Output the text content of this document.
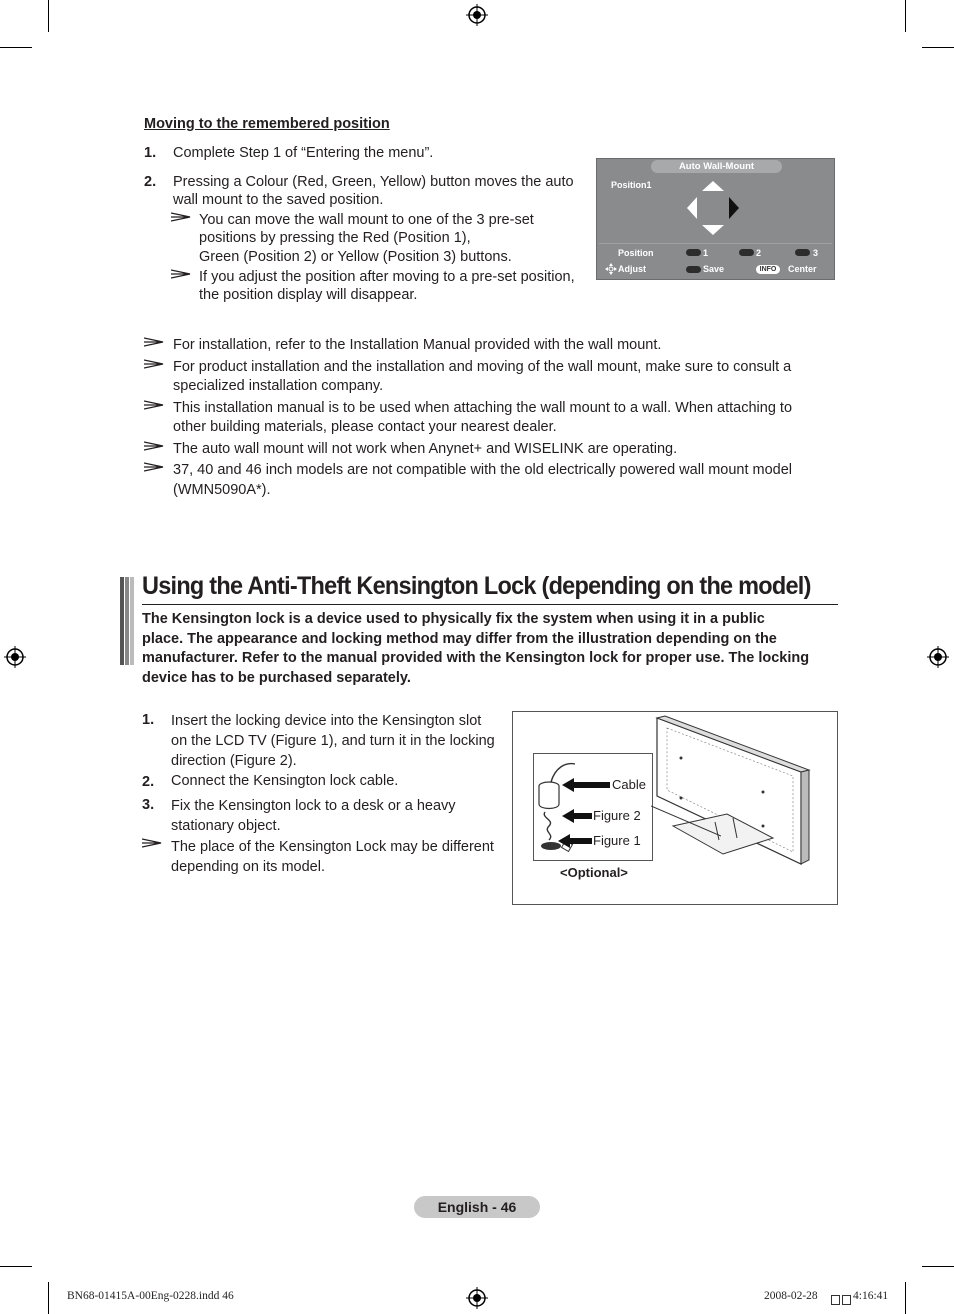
Moving to the remembered position
1. Complete Step 1 of “Entering the menu”.
2. Pressing a Colour (Red, Green, Yellow) button moves the auto
wall mount to the saved position.
You can move the wall mount to one of the 3 pre-set
positions by pressing the Red (Position 1),
Green (Position 2) or Yellow (Position 3) buttons.
If you adjust the position after moving to a pre-set position,
the position display will disappear.
Auto Wall-Mount
Position1
Position	1	2	3
Adjust	Save	INFO	Center
For installation, refer to the Installation Manual provided with the wall mount.
For product installation and the installation and moving of the wall mount, make sure to consult a
specialized installation company.
This installation manual is to be used when attaching the wall mount to a wall. When attaching to
other building materials, please contact your nearest dealer.
The auto wall mount will not work when Anynet+ and WISELINK are operating.
37, 40 and 46 inch models are not compatible with the old electrically powered wall mount model
(WMN5090A*).
Using the Anti-Theft Kensington Lock (depending on the model)
The Kensington lock is a device used to physically fix the system when using it in a public
place. The appearance and locking method may differ from the illustration depending on the
manufacturer. Refer to the manual provided with the Kensington lock for proper use. The locking
device has to be purchased separately.
1. Insert the locking device into the Kensington slot
on the LCD TV (Figure 1), and turn it in the locking
direction (Figure 2).
2. Connect the Kensington lock cable.
3. Fix the Kensington lock to a desk or a heavy
stationary object.
The place of the Kensington Lock may be different
depending on its model.
Cable
Figure 2
Figure 1
<Optional>
English - 46
BN68-01415A-00Eng-0228.indd 46	2008-02-28	4:16:41
